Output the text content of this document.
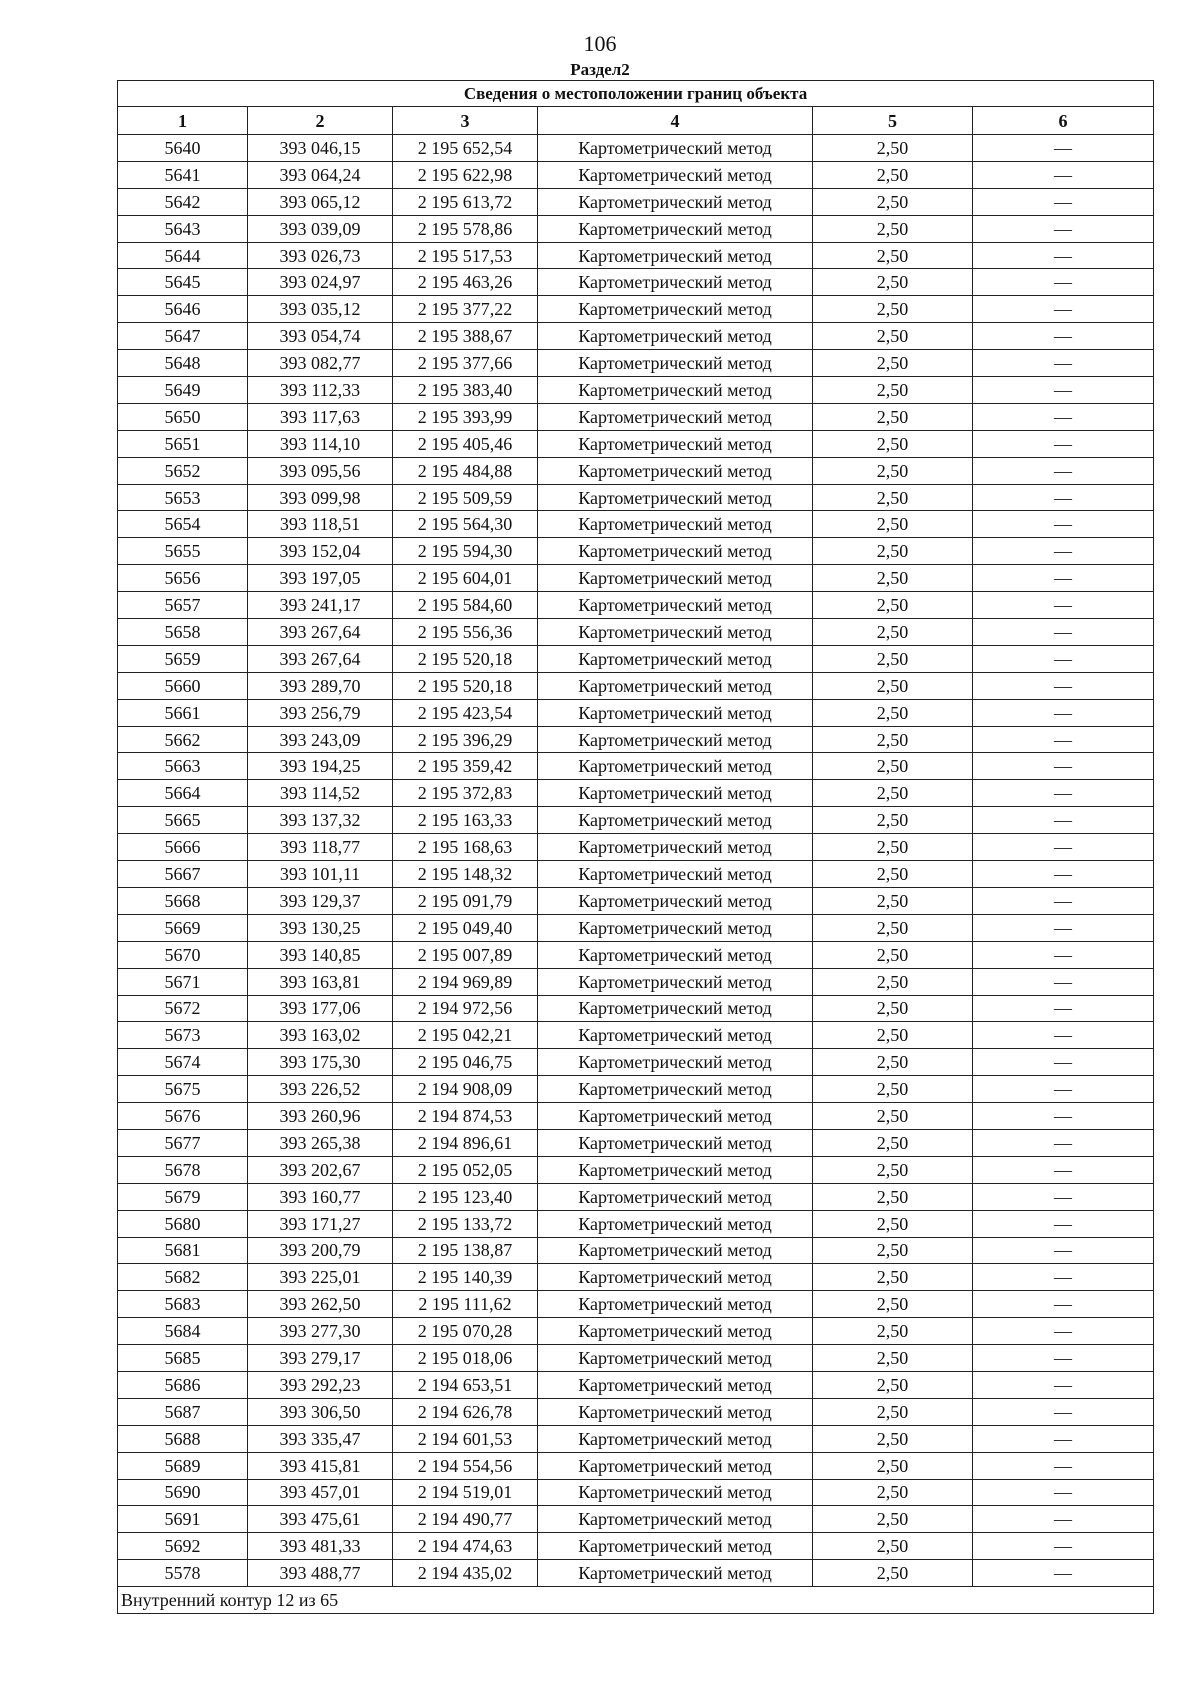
106
Раздел2
Сведения о местоположении границ объекта					
1	2	3	4	5	6
5640	393 046,15	2 195 652,54	Картометрический метод	2,50	—
5641	393 064,24	2 195 622,98	Картометрический метод	2,50	—
5642	393 065,12	2 195 613,72	Картометрический метод	2,50	—
5643	393 039,09	2 195 578,86	Картометрический метод	2,50	—
5644	393 026,73	2 195 517,53	Картометрический метод	2,50	—
5645	393 024,97	2 195 463,26	Картометрический метод	2,50	—
5646	393 035,12	2 195 377,22	Картометрический метод	2,50	—
5647	393 054,74	2 195 388,67	Картометрический метод	2,50	—
5648	393 082,77	2 195 377,66	Картометрический метод	2,50	—
5649	393 112,33	2 195 383,40	Картометрический метод	2,50	—
5650	393 117,63	2 195 393,99	Картометрический метод	2,50	—
5651	393 114,10	2 195 405,46	Картометрический метод	2,50	—
5652	393 095,56	2 195 484,88	Картометрический метод	2,50	—
5653	393 099,98	2 195 509,59	Картометрический метод	2,50	—
5654	393 118,51	2 195 564,30	Картометрический метод	2,50	—
5655	393 152,04	2 195 594,30	Картометрический метод	2,50	—
5656	393 197,05	2 195 604,01	Картометрический метод	2,50	—
5657	393 241,17	2 195 584,60	Картометрический метод	2,50	—
5658	393 267,64	2 195 556,36	Картометрический метод	2,50	—
5659	393 267,64	2 195 520,18	Картометрический метод	2,50	—
5660	393 289,70	2 195 520,18	Картометрический метод	2,50	—
5661	393 256,79	2 195 423,54	Картометрический метод	2,50	—
5662	393 243,09	2 195 396,29	Картометрический метод	2,50	—
5663	393 194,25	2 195 359,42	Картометрический метод	2,50	—
5664	393 114,52	2 195 372,83	Картометрический метод	2,50	—
5665	393 137,32	2 195 163,33	Картометрический метод	2,50	—
5666	393 118,77	2 195 168,63	Картометрический метод	2,50	—
5667	393 101,11	2 195 148,32	Картометрический метод	2,50	—
5668	393 129,37	2 195 091,79	Картометрический метод	2,50	—
5669	393 130,25	2 195 049,40	Картометрический метод	2,50	—
5670	393 140,85	2 195 007,89	Картометрический метод	2,50	—
5671	393 163,81	2 194 969,89	Картометрический метод	2,50	—
5672	393 177,06	2 194 972,56	Картометрический метод	2,50	—
5673	393 163,02	2 195 042,21	Картометрический метод	2,50	—
5674	393 175,30	2 195 046,75	Картометрический метод	2,50	—
5675	393 226,52	2 194 908,09	Картометрический метод	2,50	—
5676	393 260,96	2 194 874,53	Картометрический метод	2,50	—
5677	393 265,38	2 194 896,61	Картометрический метод	2,50	—
5678	393 202,67	2 195 052,05	Картометрический метод	2,50	—
5679	393 160,77	2 195 123,40	Картометрический метод	2,50	—
5680	393 171,27	2 195 133,72	Картометрический метод	2,50	—
5681	393 200,79	2 195 138,87	Картометрический метод	2,50	—
5682	393 225,01	2 195 140,39	Картометрический метод	2,50	—
5683	393 262,50	2 195 111,62	Картометрический метод	2,50	—
5684	393 277,30	2 195 070,28	Картометрический метод	2,50	—
5685	393 279,17	2 195 018,06	Картометрический метод	2,50	—
5686	393 292,23	2 194 653,51	Картометрический метод	2,50	—
5687	393 306,50	2 194 626,78	Картометрический метод	2,50	—
5688	393 335,47	2 194 601,53	Картометрический метод	2,50	—
5689	393 415,81	2 194 554,56	Картометрический метод	2,50	—
5690	393 457,01	2 194 519,01	Картометрический метод	2,50	—
5691	393 475,61	2 194 490,77	Картометрический метод	2,50	—
5692	393 481,33	2 194 474,63	Картометрический метод	2,50	—
5578	393 488,77	2 194 435,02	Картометрический метод	2,50	—
Внутренний контур 12 из 65					
